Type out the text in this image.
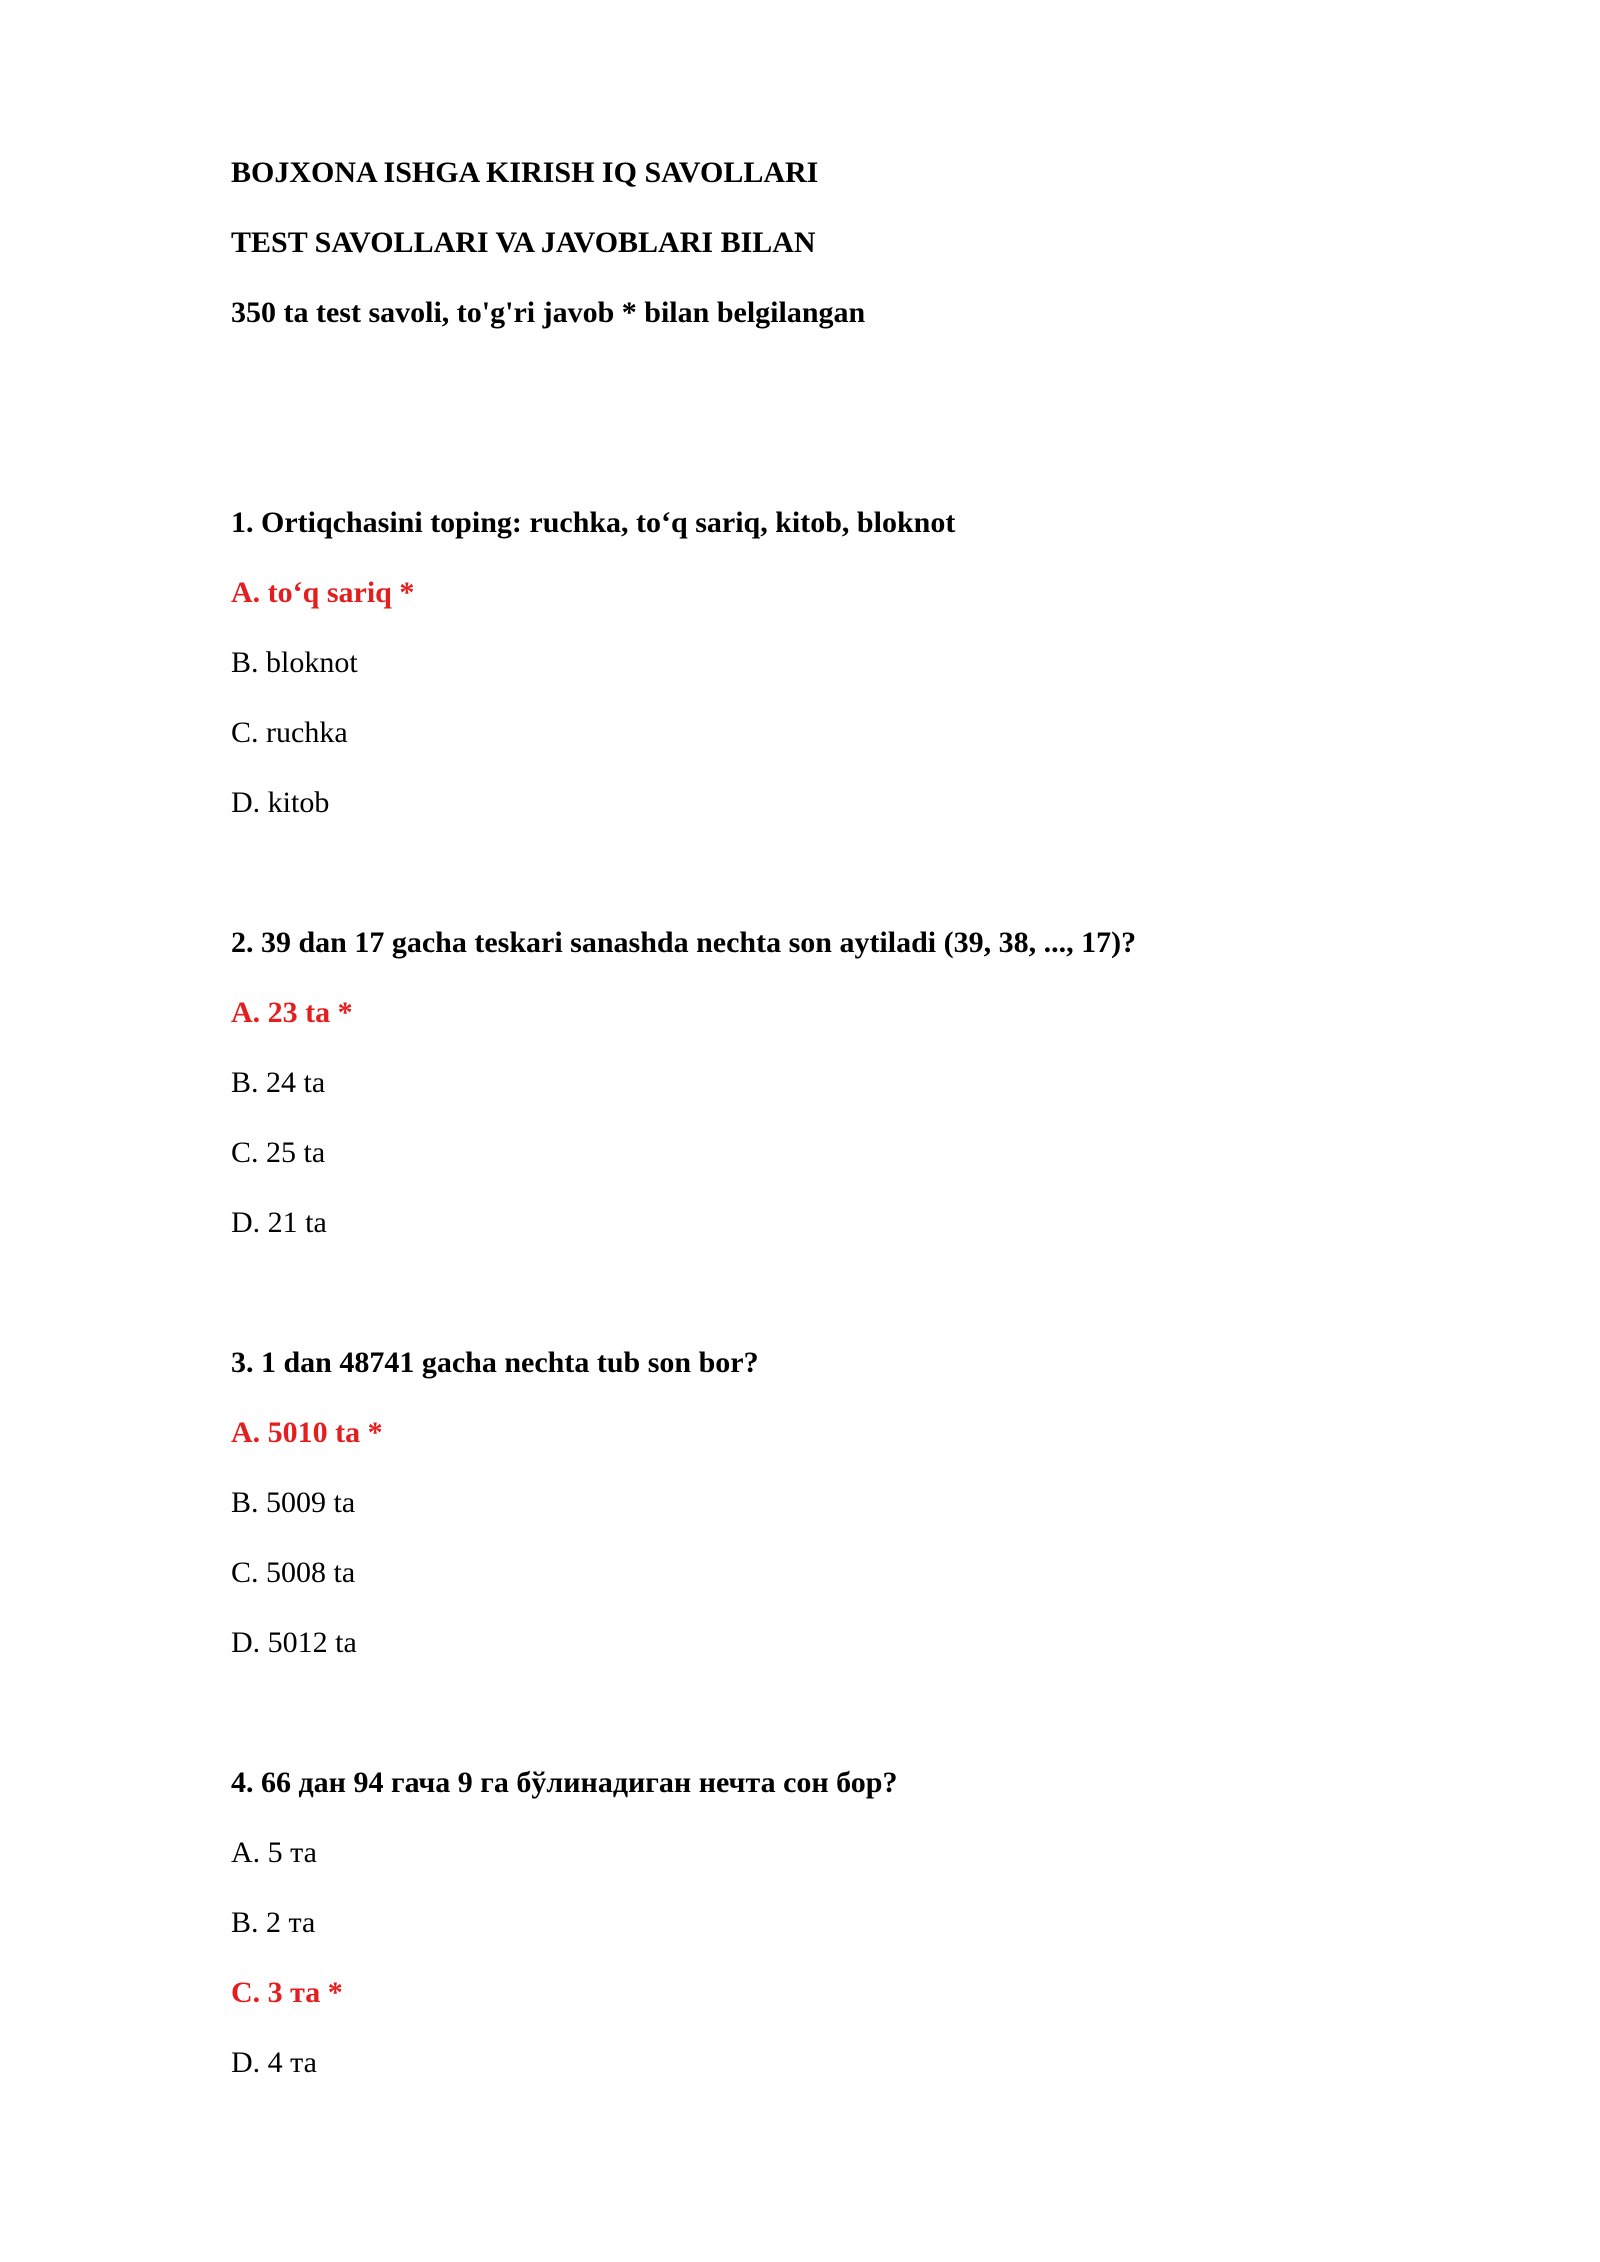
BOJXONA ISHGA KIRISH IQ SAVOLLARI
TEST SAVOLLARI VA JAVOBLARI BILAN
350 ta test savoli, to'g'ri javob * bilan belgilangan
1. Ortiqchasini toping: ruchka, to‘q sariq, kitob, bloknot
A. to‘q sariq *
B. bloknot
C. ruchka
D. kitob
2. 39 dan 17 gacha teskari sanashda nechta son aytiladi (39, 38, ..., 17)?
A. 23 ta *
B. 24 ta
C. 25 ta
D. 21 ta
3. 1 dan 48741 gacha nechta tub son bor?
A. 5010 ta *
B. 5009 ta
C. 5008 ta
D. 5012 ta
4. 66 дан 94 гача 9 га бўлинадиган нечта сон бор?
A. 5 та
B. 2 та
C. 3 та *
D. 4 та
